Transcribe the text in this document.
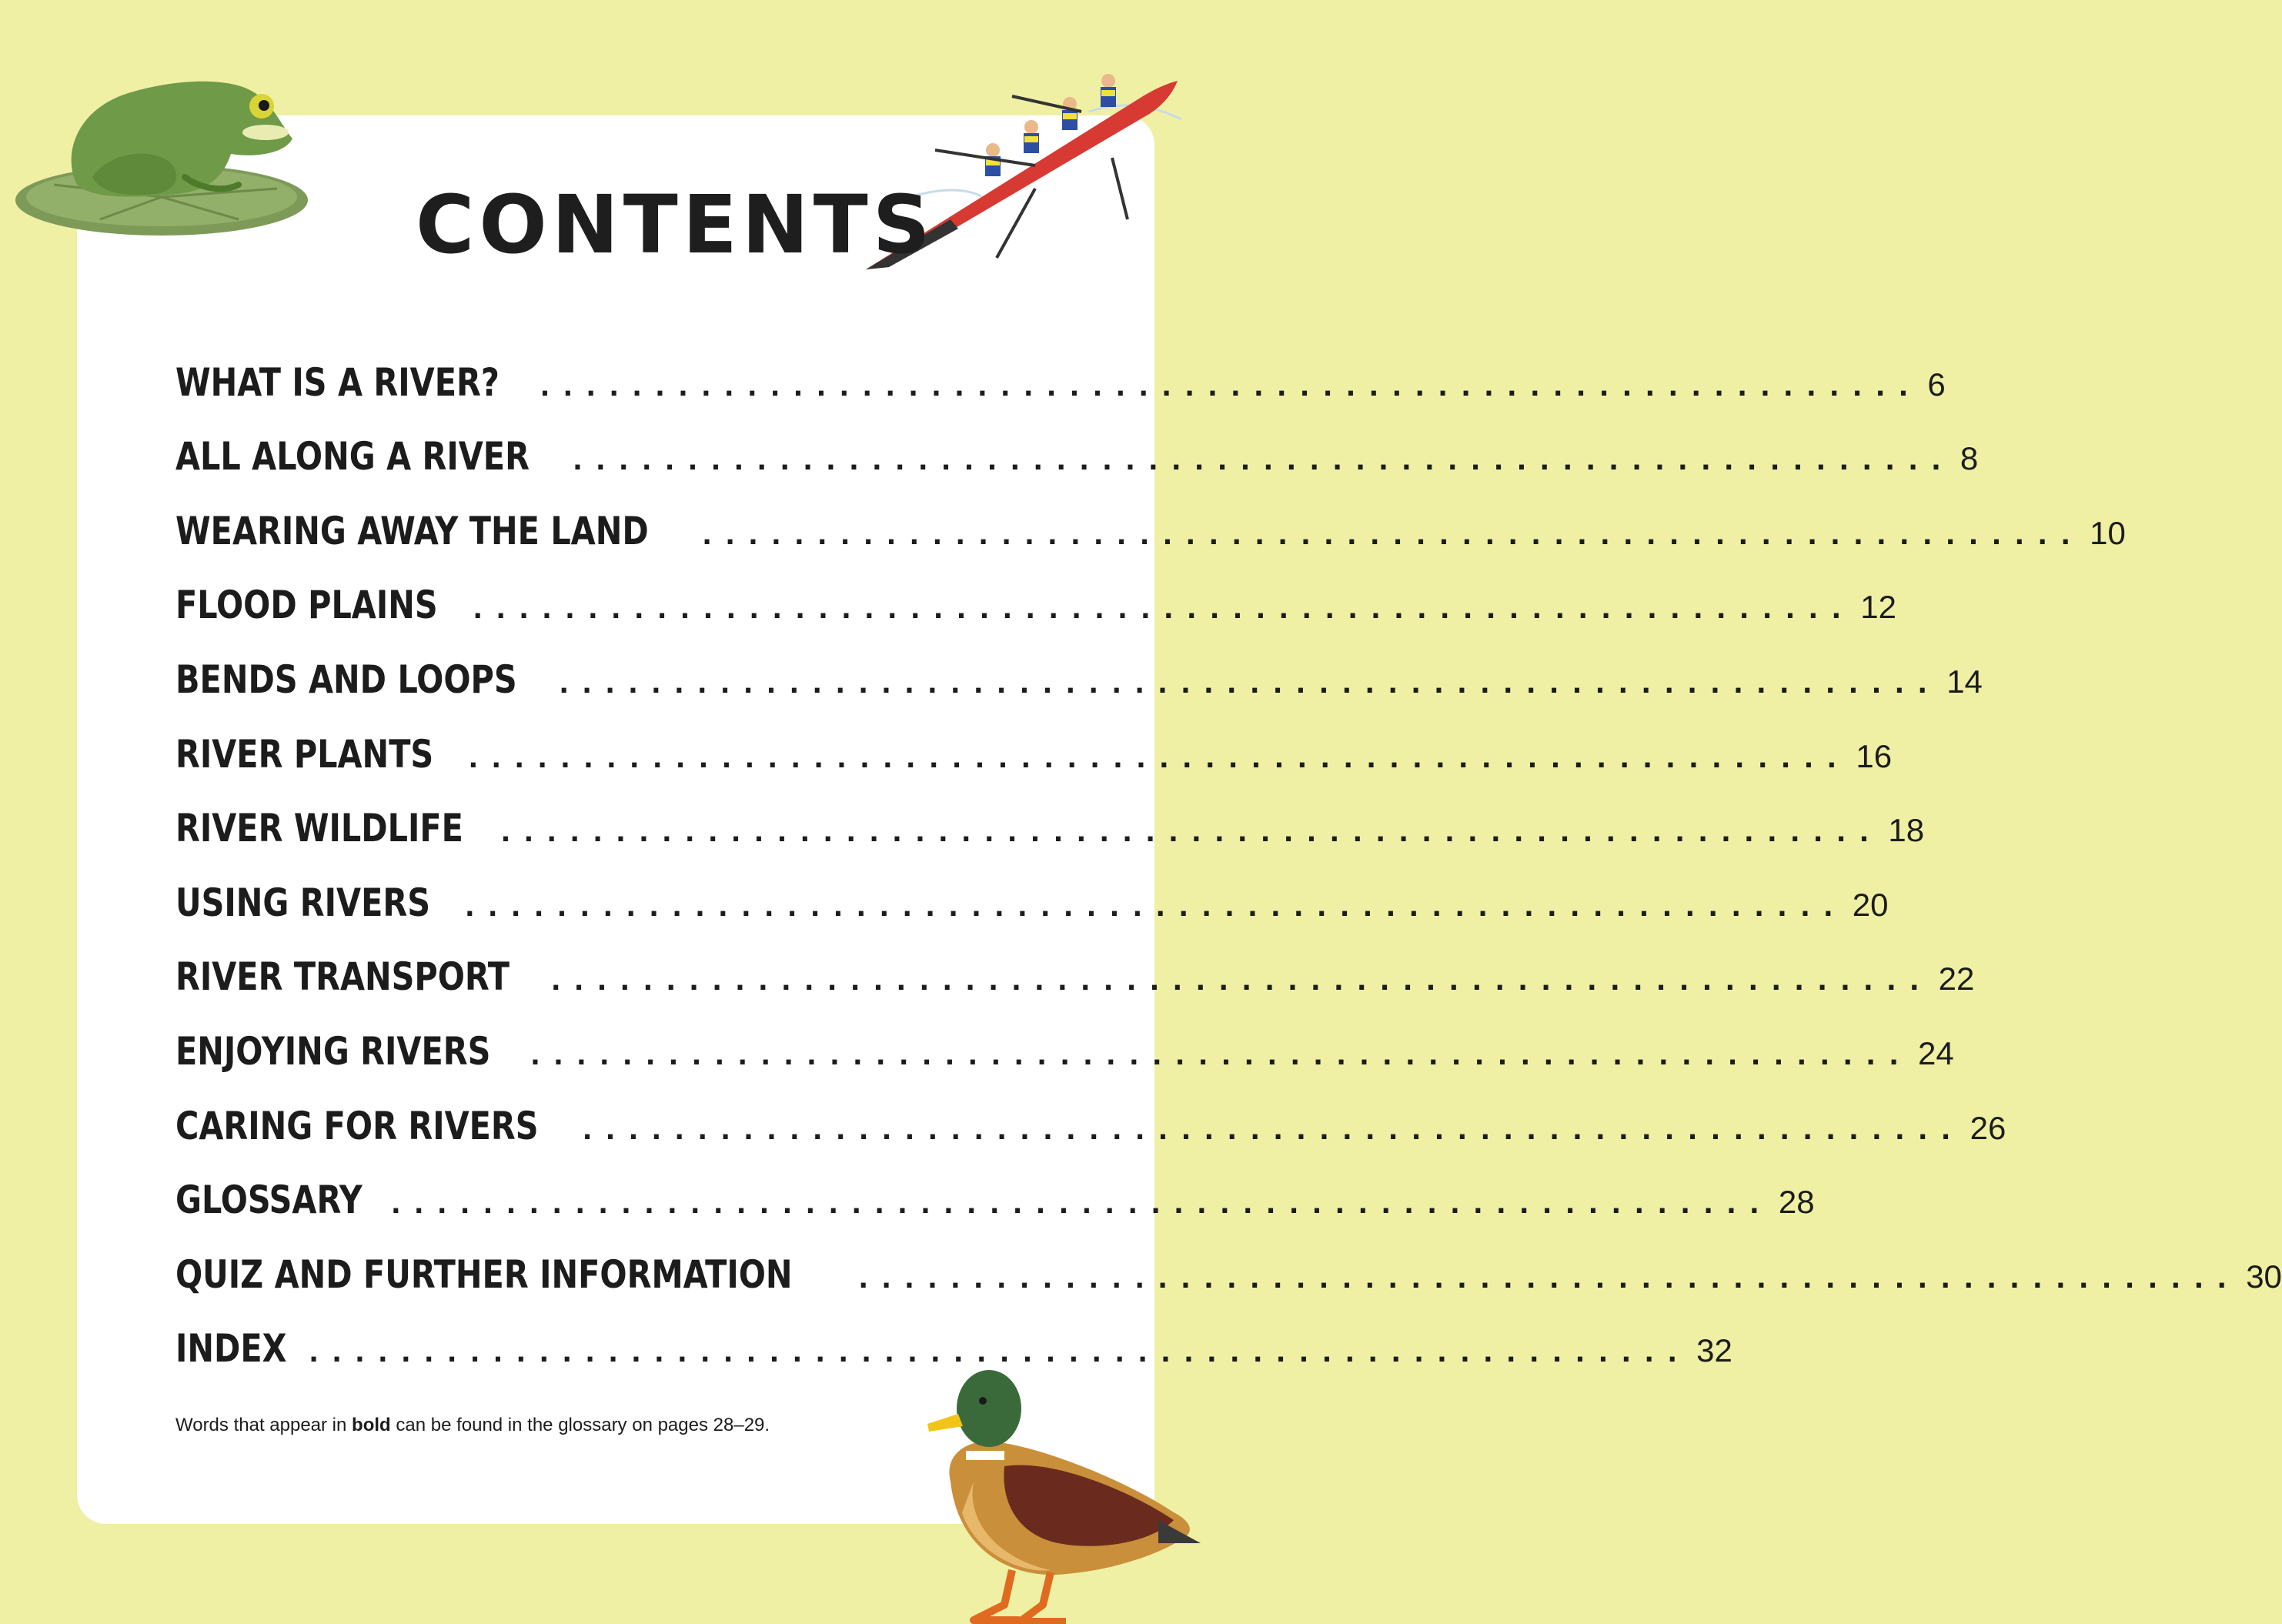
CONTENTS
WHAT IS A RIVER? ............................................................ 6
ALL ALONG A RIVER ............................................................ 8
WEARING AWAY THE LAND ............................................................ 10
FLOOD PLAINS ............................................................ 12
BENDS AND LOOPS ............................................................ 14
RIVER PLANTS ............................................................ 16
RIVER WILDLIFE ............................................................ 18
USING RIVERS ............................................................ 20
RIVER TRANSPORT ............................................................ 22
ENJOYING RIVERS ............................................................ 24
CARING FOR RIVERS ............................................................ 26
GLOSSARY ............................................................ 28
QUIZ AND FURTHER INFORMATION	............................................................ 30
INDEX ............................................................ 32
Words that appear in bold can be found in the glossary on pages 28–29.
